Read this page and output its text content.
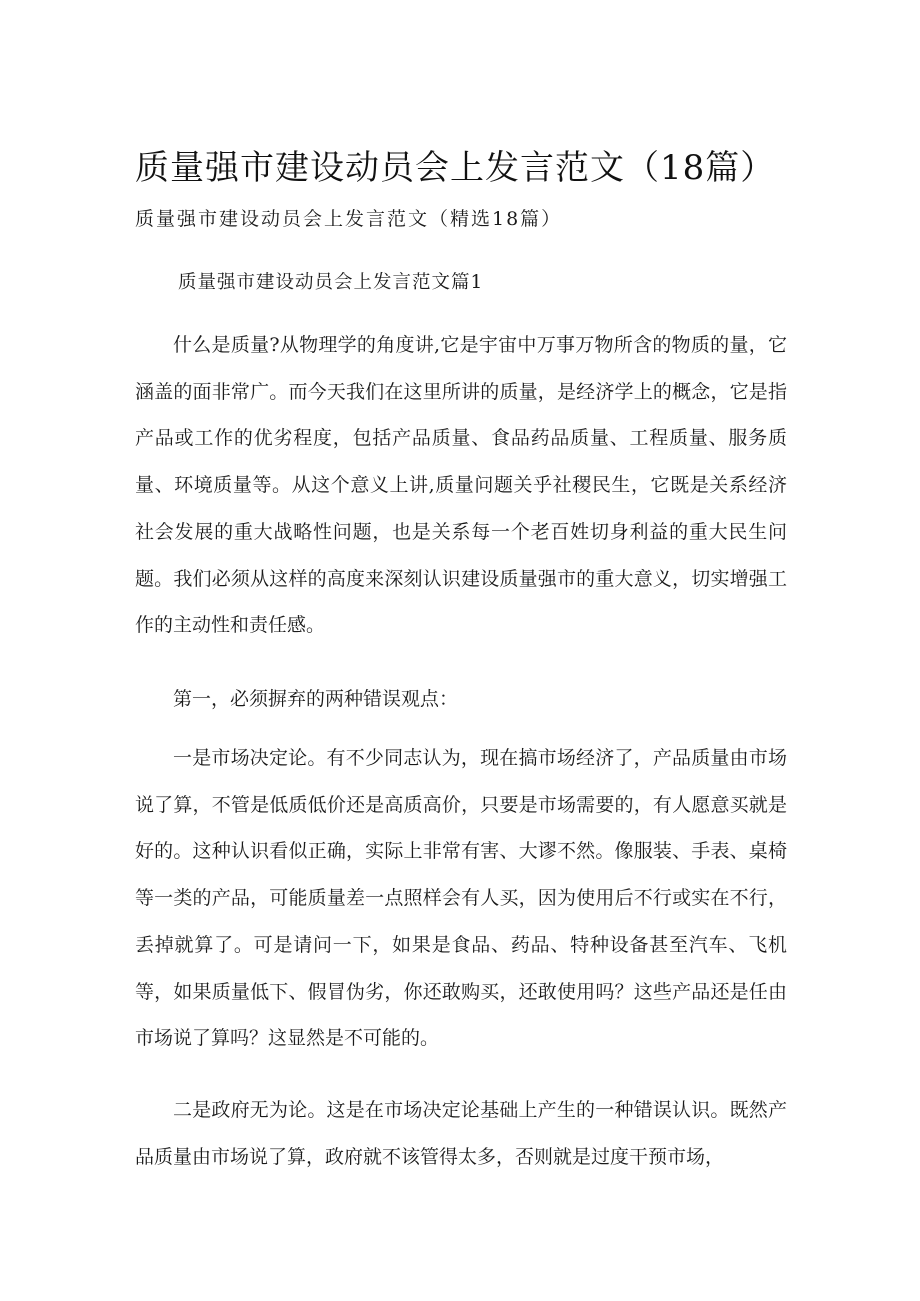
质量强市建设动员会上发言范文（18篇）
质量强市建设动员会上发言范文（精选18篇）
质量强市建设动员会上发言范文篇1

什么是质量?从物理学的角度讲,它是宇宙中万事万物所含的物质的量，它涵盖的面非常广。而今天我们在这里所讲的质量，是经济学上的概念，它是指产品或工作的优劣程度，包括产品质量、食品药品质量、工程质量、服务质量、环境质量等。从这个意义上讲,质量问题关乎社稷民生，它既是关系经济社会发展的重大战略性问题，也是关系每一个老百姓切身利益的重大民生问题。我们必须从这样的高度来深刻认识建设质量强市的重大意义，切实增强工作的主动性和责任感。

第一，必须摒弃的两种错误观点：

一是市场决定论。有不少同志认为，现在搞市场经济了，产品质量由市场说了算，不管是低质低价还是高质高价，只要是市场需要的，有人愿意买就是好的。这种认识看似正确，实际上非常有害、大谬不然。像服装、手表、桌椅等一类的产品，可能质量差一点照样会有人买，因为使用后不行或实在不行，丢掉就算了。可是请问一下，如果是食品、药品、特种设备甚至汽车、飞机等，如果质量低下、假冒伪劣，你还敢购买，还敢使用吗？这些产品还是任由市场说了算吗？这显然是不可能的。

二是政府无为论。这是在市场决定论基础上产生的一种错误认识。既然产品质量由市场说了算，政府就不该管得太多，否则就是过度干预市场，
